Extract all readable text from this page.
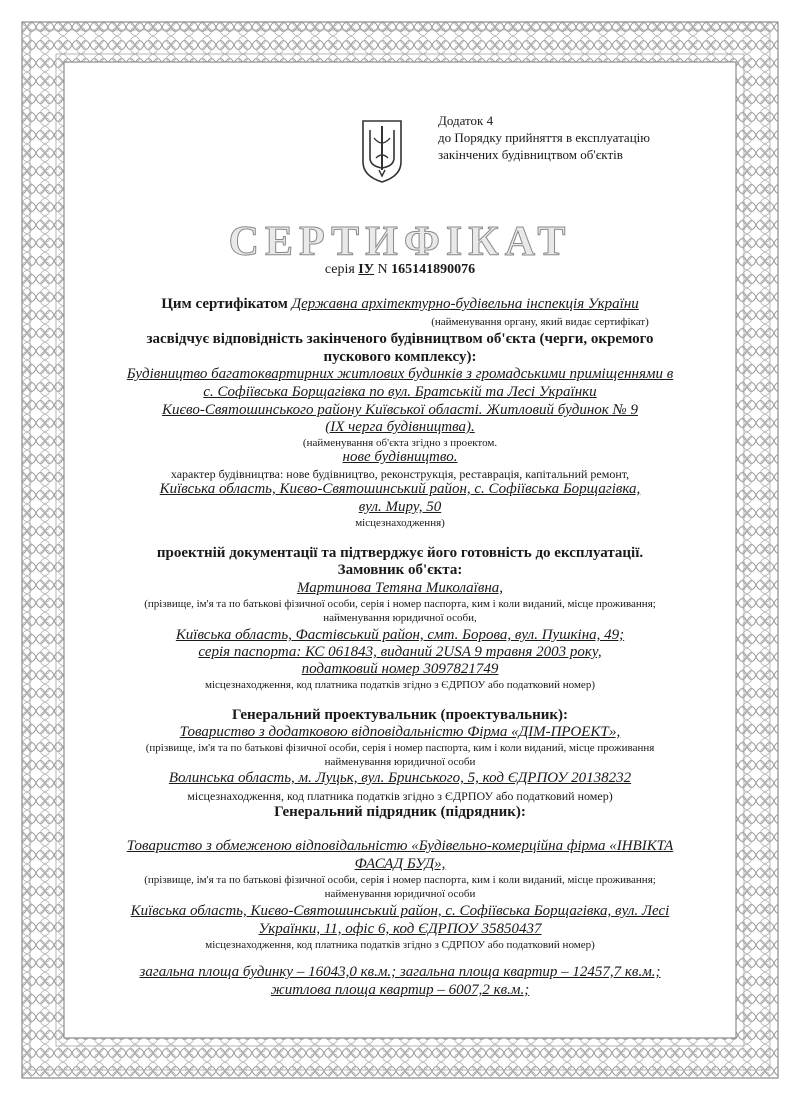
Додаток 4
до Порядку прийняття в експлуатацію
закінчених будівництвом об'єктів
СЕРТИФІКАТ
серія ІУ N 165141890076
Цим сертифікатом Державна архітектурно-будівельна інспекція України
(найменування органу, який видає сертифікат)
засвідчує відповідність закінченого будівництвом об'єкта (черги, окремого
пускового комплексу):
Будівництво багатоквартирних житлових будинків з громадськими приміщеннями в
с. Софіївська Борщагівка по вул. Братській та Лесі Українки
Києво-Святошинського району Київської області. Житловий будинок № 9
(ІХ черга будівництва).
(найменування об'єкта згідно з проектом.
нове будівництво.
характер будівництва: нове будівництво, реконструкція, реставрація, капітальний ремонт,
Київська область, Києво-Святошинський район, с. Софіївська Борщагівка,
вул. Миру, 50
місцезнаходження)
проектній документації та підтверджує його готовність до експлуатації.
Замовник об'єкта:
Мартинова Тетяна Миколаївна,
(прізвище, ім'я та по батькові фізичної особи, серія і номер паспорта, ким і коли виданий, місце проживання;
найменування юридичної особи,
Київська область, Фастівський район, смт. Борова, вул. Пушкіна, 49;
серія паспорта: КС 061843, виданий 2USA 9 травня 2003 року,
податковий номер 3097821749
місцезнаходження, код платника податків згідно з ЄДРПОУ або податковий номер)
Генеральний проектувальник (проектувальник):
Товариство з додатковою відповідальністю Фірма «ДІМ-ПРОЕКТ»,
(прізвище, ім'я та по батькові фізичної особи, серія і номер паспорта, ким і коли виданий, місце проживання
найменування юридичної особи
Волинська область, м. Луцьк, вул. Бринського, 5, код ЄДРПОУ 20138232
місцезнаходження, код платника податків згідно з ЄДРПОУ або податковий номер)
Генеральний підрядник (підрядник):
Товариство з обмеженою відповідальністю «Будівельно-комерційна фірма «ІНВІКТА
ФАСАД БУД»,
(прізвище, ім'я та по батькові фізичної особи, серія і номер паспорта, ким і коли виданий, місце проживання;
найменування юридичної особи
Київська область, Києво-Святошинський район, с. Софіївська Борщагівка, вул. Лесі
Українки, 11, офіс 6, код ЄДРПОУ 35850437
місцезнаходження, код платника податків згідно з СДРПОУ або податковий номер)
загальна площа будинку – 16043,0 кв.м.; загальна площа квартир – 12457,7 кв.м.;
житлова площа квартир – 6007,2 кв.м.;
